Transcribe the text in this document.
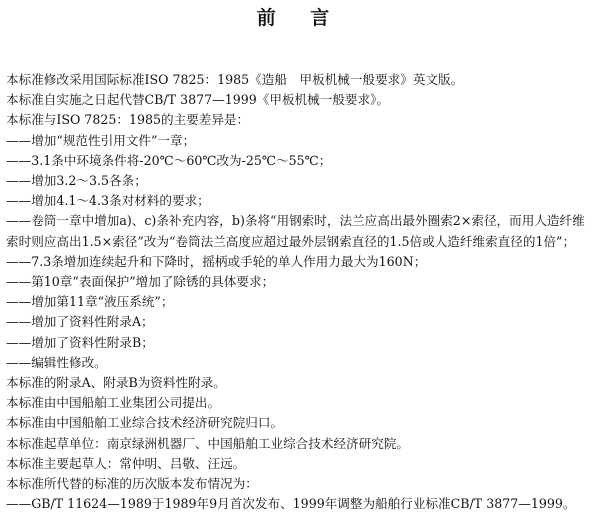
前 言
本标准修改采用国际标准ISO 7825：1985《造船　甲板机械一般要求》英文版。
本标准自实施之日起代替CB/T 3877—1999《甲板机械一般要求》。
本标准与ISO 7825：1985的主要差异是：
——增加“规范性引用文件”一章；
——3.1条中环境条件将-20℃～60℃改为-25℃～55℃；
——增加3.2～3.5各条；
——增加4.1～4.3条对材料的要求；
——卷筒一章中增加a)、c)条补充内容，b)条将“用钢索时，法兰应高出最外圈索2×索径，而用人造纤维索时则应高出1.5×索径”改为“卷筒法兰高度应超过最外层钢索直径的1.5倍或人造纤维索直径的1倍”；
——7.3条增加连续起升和下降时，摇柄或手轮的单人作用力最大为160N；
——第10章“表面保护”增加了除锈的具体要求；
——增加第11章“液压系统”；
——增加了资料性附录A；
——增加了资料性附录B；
——编辑性修改。
本标准的附录A、附录B为资料性附录。
本标准由中国船舶工业集团公司提出。
本标准由中国船舶工业综合技术经济研究院归口。
本标准起草单位：南京绿洲机器厂、中国船舶工业综合技术经济研究院。
本标准主要起草人：常仲明、吕敬、汪远。
本标准所代替的标准的历次版本发布情况为：
——GB/T 11624—1989于1989年9月首次发布、1999年调整为船舶行业标准CB/T 3877—1999。
